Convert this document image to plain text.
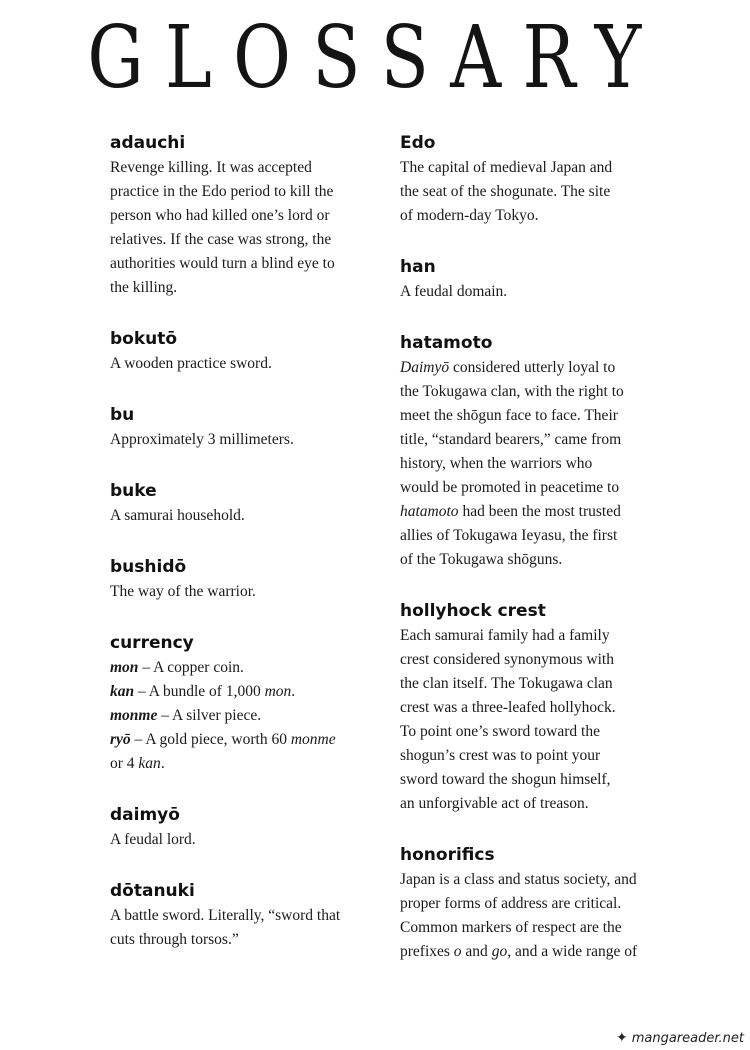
GLOSSARY
adauchi
Revenge killing. It was accepted
practice in the Edo period to kill the
person who had killed one’s lord or
relatives. If the case was strong, the
authorities would turn a blind eye to
the killing.
bokutō
A wooden practice sword.
bu
Approximately 3 millimeters.
buke
A samurai household.
bushidō
The way of the warrior.
currency
mon – A copper coin.
kan – A bundle of 1,000 mon.
monme – A silver piece.
ryō – A gold piece, worth 60 monme
or 4 kan.
daimyō
A feudal lord.
dōtanuki
A battle sword. Literally, “sword that
cuts through torsos.”
Edo
The capital of medieval Japan and
the seat of the shogunate. The site
of modern-day Tokyo.
han
A feudal domain.
hatamoto
Daimyō considered utterly loyal to
the Tokugawa clan, with the right to
meet the shōgun face to face. Their
title, “standard bearers,” came from
history, when the warriors who
would be promoted in peacetime to
hatamoto had been the most trusted
allies of Tokugawa Ieyasu, the first
of the Tokugawa shōguns.
hollyhock crest
Each samurai family had a family
crest considered synonymous with
the clan itself. The Tokugawa clan
crest was a three-leafed hollyhock.
To point one’s sword toward the
shogun’s crest was to point your
sword toward the shogun himself,
an unforgivable act of treason.
honorifics
Japan is a class and status society, and
proper forms of address are critical.
Common markers of respect are the
prefixes o and go, and a wide range of
✦ mangareader.net
